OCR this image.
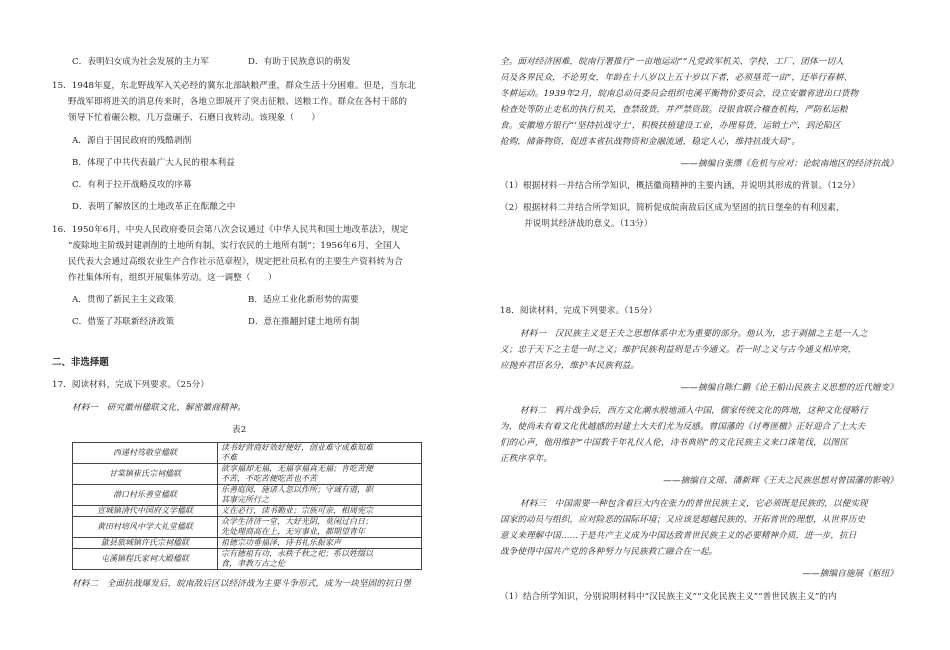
C．表明妇女成为社会发展的主力军	D．有助于民族意识的萌发
15．1948年夏，东北野战军入关必经的冀东北部缺粮严重，群众生活十分困难。但是，当东北
野战军即将进关的消息传来时，各地立即展开了突击征粮、送粮工作。群众在各村干部的
领导下忙着碾公粮，几万盘碾子、石磨日夜转动。该现象（　　）
A．源自于国民政府的残酷剥削
B．体现了中共代表最广大人民的根本利益
C．有利于拉开战略反攻的序幕
D．表明了解放区的土地改革正在酝酿之中
16．1950年6月，中央人民政府委员会第八次会议通过《中华人民共和国土地改革法》，规定
“废除地主阶级封建剥削的土地所有制，实行农民的土地所有制”；1956年6月，全国人
民代表大会通过高级农业生产合作社示范章程》，规定把社员私有的主要生产资料转为合
作社集体所有，组织开展集体劳动。这一调整（　　）
A．贯彻了新民主主义政策	B．适应工业化新形势的需要
C．借鉴了苏联新经济政策	D．意在推翻封建土地所有制
二、非选择题
17．阅读材料，完成下列要求。（25分）
材料一　研究徽州楹联文化，解密徽商精神。
表2
西递村笃敬堂楹联	读书好营商好效好便好，创业难守成难知难
不难
甘棠镇崔氏宗祠楹联	欲享福却无福，无福享福真无福；肯吃苦便
不苦，不吃苦便吃苦也不苦
潜口村乐善堂楹联	乐善庭阅，施诸人忽以作所；守诚有道，职
其事完所行之
宣城镇清代中国府义学楹联	义在必行，读书勤业；宗族可亲，相周宪宗
黄田村培风中学大礼堂楹联	众学生济济一堂，大好光阴，莫闲过白日；
先处理商高在上，无穷事业，都期望青年
歙县旅城镇许氏宗祠楹联	祖德宗功垂福泽，诗书礼乐振家声
屯溪镇程氏家祠大殿楹联	宗有德祖有功，永秩千秋之祀；系以姓缀以
食，聿教万古之伦
材料二　全面抗战爆发后，皖南敌后区以经济战为主要斗争形式，成为一块坚固的抗日堡
全。面对经济困难，皖南行署推行“一亩地运动”“凡党政军机关、学校、工厂、团体一切人
员及各界民众，不论男女，年龄在十八岁以上五十岁以下者，必须垦荒一亩”，还举行春耕、
冬耕运动。1939年2月，皖南总动员委员会组织屯溪平衡物价委员会，设立安徽省进出口货物
检查处等防止走私的执行机关，查禁敌货，并严禁资敌。设银食联合稽查机构，严防私运粮
食。安徽地方银行“‘坚持抗战守土’，积极扶植建设工业，办理易货，运销土产，到沦陷区
抢购，储备物资，促进本省抗战物资和金融流通，稳定人心，维持抗战大局”。
——摘编自张缵《危机与应对：论皖南地区的经济抗战》
（1）根据材料一并结合所学知识，概括徽商精神的主要内涵，并说明其形成的背景。（12分）
（2）根据材料二并结合所学知识，简析促成皖南敌后区成为坚固的抗日堡垒的有利因素，
并说明其经济战的意义。（13分）
18．阅读材料，完成下列要求。（15分）
材料一　汉民族主义是王夫之思想体系中尤为重要的部分。他认为，忠于剥捕之主是一人之
义；忠于天下之主是一时之义；维护民族利益则是古今通义。若一时之义与古今通义相冲突，
应抛弃君臣名分，维护本民族利益。
——摘编自陈仁鹏《论王船山民族主义思想的近代嬗变》
材料二　鸦片战争后，西方文化潮水般地涌入中国，儒家传统文化的阵地，这种文化侵略行
为，使尚未有着文化优越感的封建士大夫们尤为反感。曾国藩的《讨粤匪檄》正好迎合了士大夫
们的心声，他用维护“中国数千年礼仪人伦，诗书典则”的文化民族主义来口诛笔伐，以图匡
正秩序享年。
——摘编自文瑶、潘新辉《王夫之民族思想对曾国藩的影响》
材料三　中国需要一种包含着巨大内在张力的普世民族主义，它必须既是民族的，以便实现
国家的动员与组织，应对险恶的国际环境；又应该是超越民族的、开拓普世的理想，从世界历史
意义来理解中国……于是共产主义成为中国达致普世民族主义的必要精神介质，进一步，抗日
战争使得中国共产党的各种努力与民族救亡融合在一起。
——摘编自施展《枢纽》
（1）结合所学知识，分别说明材料中“汉民族主义”“文化民族主义”“普世民族主义”的内
